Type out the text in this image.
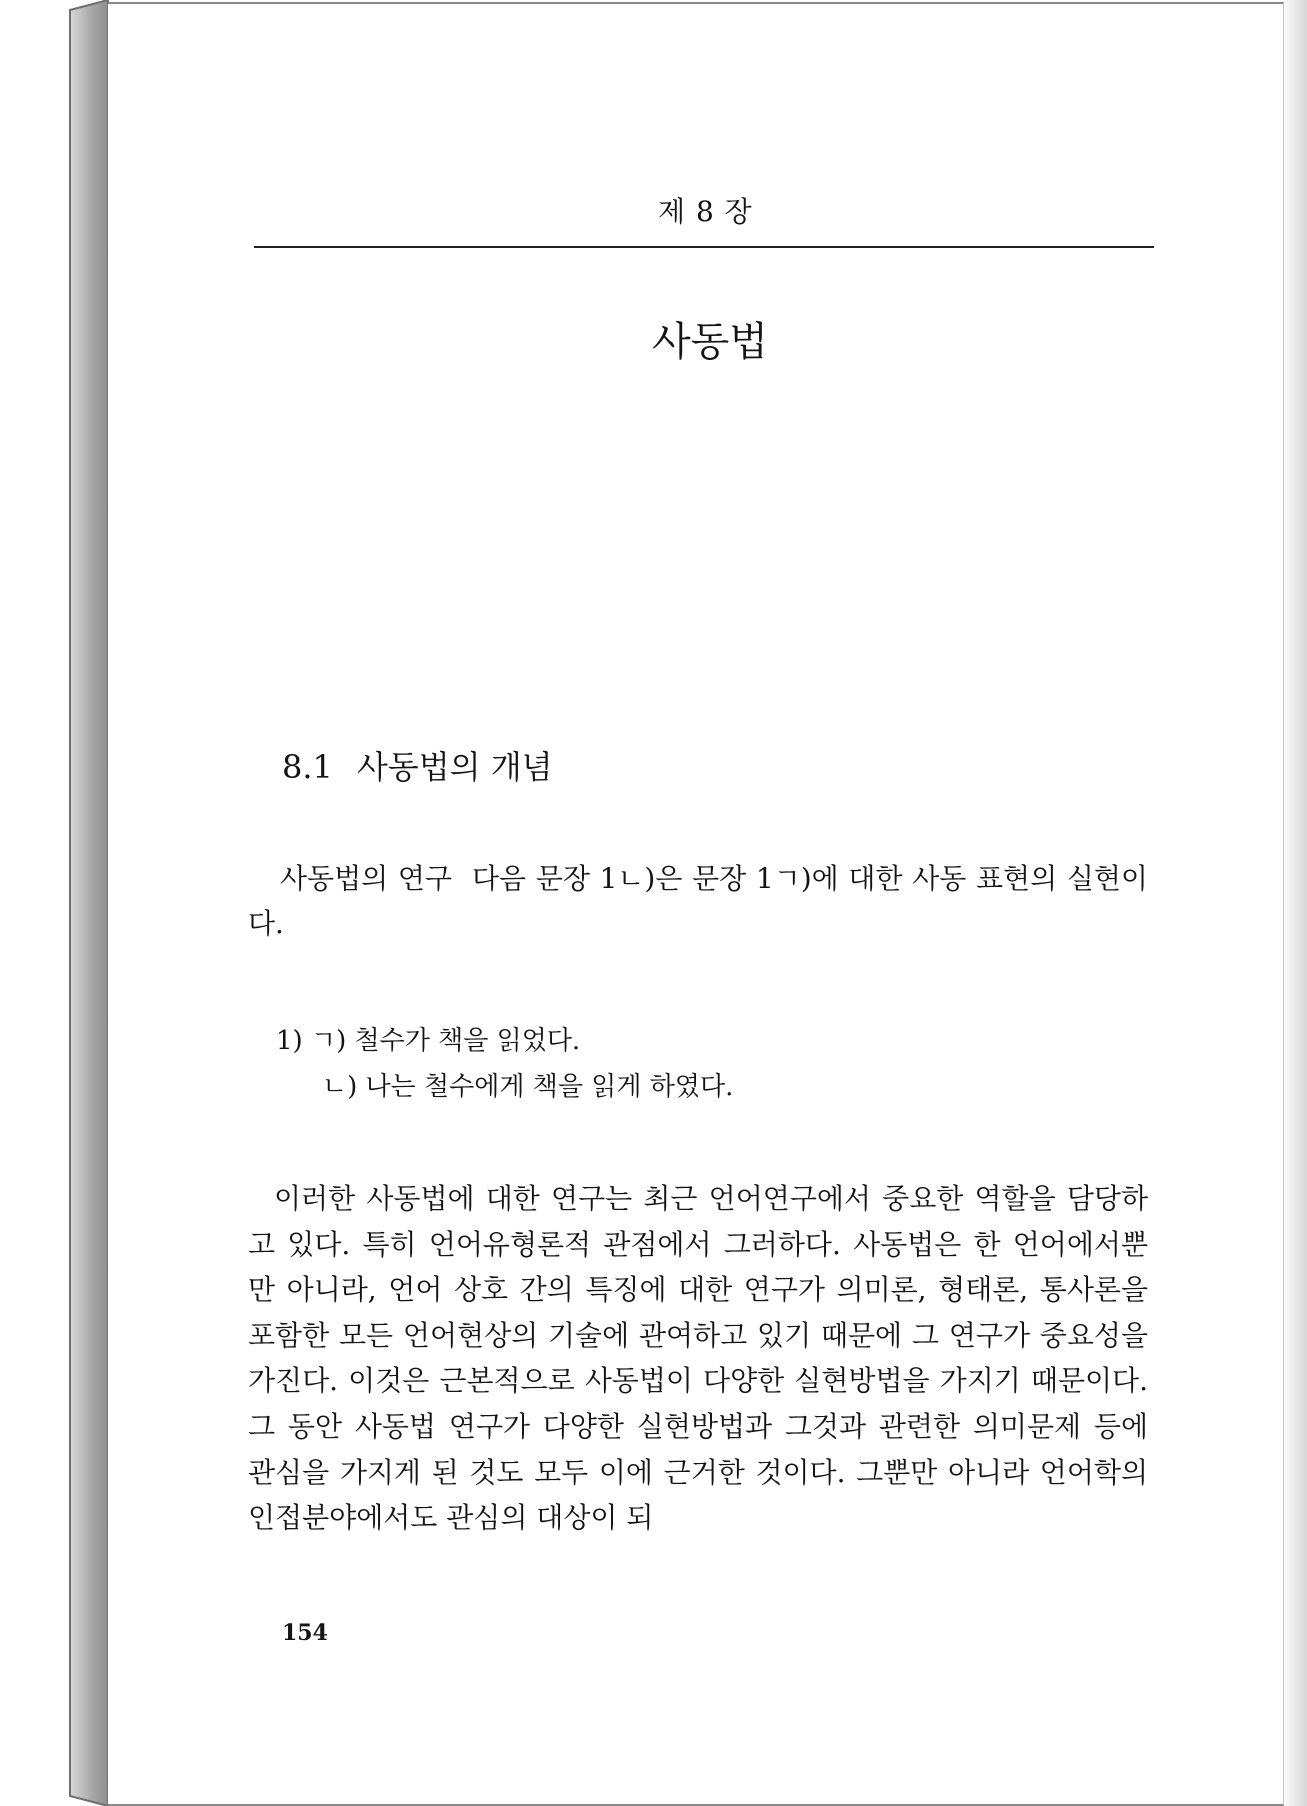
제 8 장
사동법
8.1 사동법의 개념
사동법의 연구 다음 문장 1ㄴ)은 문장 1ㄱ)에 대한 사동 표현의 실현이다.
1) ㄱ) 철수가 책을 읽었다.
ㄴ) 나는 철수에게 책을 읽게 하였다.
이러한 사동법에 대한 연구는 최근 언어연구에서 중요한 역할을 담당하고 있다. 특히 언어유형론적 관점에서 그러하다. 사동법은 한 언어에서뿐만 아니라, 언어 상호 간의 특징에 대한 연구가 의미론, 형태론, 통사론을 포함한 모든 언어현상의 기술에 관여하고 있기 때문에 그 연구가 중요성을 가진다. 이것은 근본적으로 사동법이 다양한 실현방법을 가지기 때문이다. 그 동안 사동법 연구가 다양한 실현방법과 그것과 관련한 의미문제 등에 관심을 가지게 된 것도 모두 이에 근거한 것이다. 그뿐만 아니라 언어학의 인접분야에서도 관심의 대상이 되
154
